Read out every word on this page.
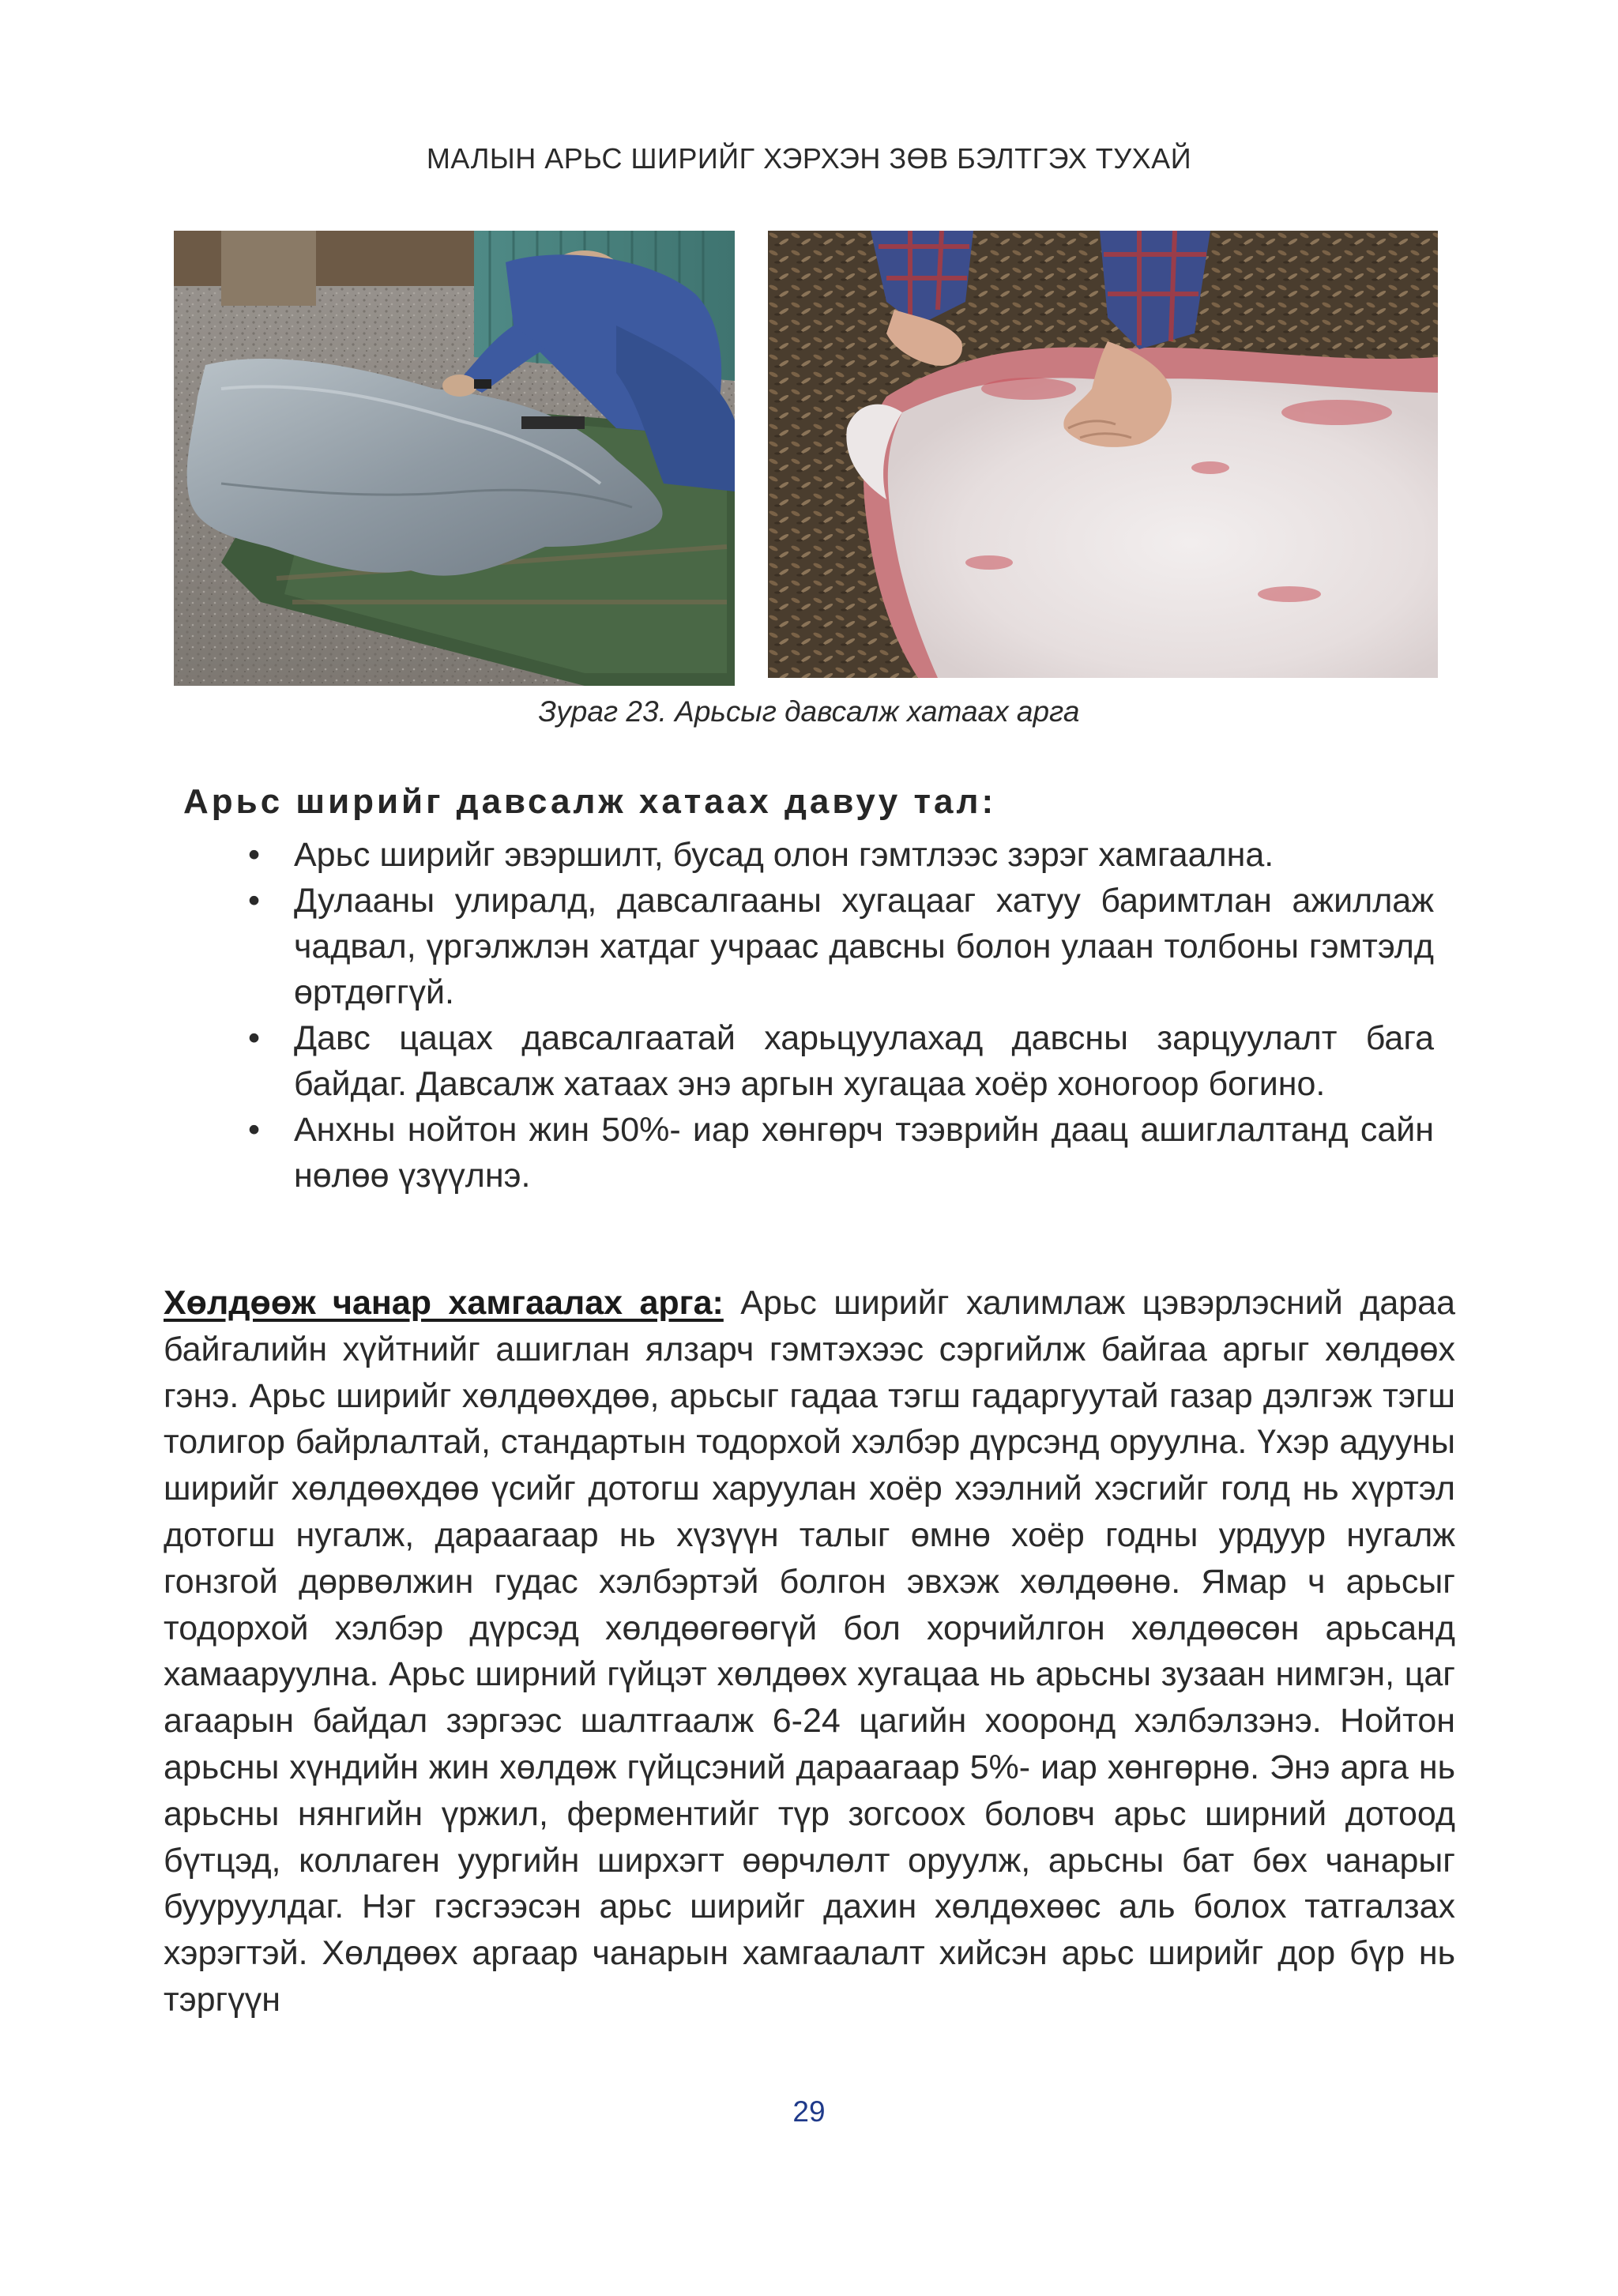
МАЛЫН АРЬС ШИРИЙГ ХЭРХЭН ЗӨВ БЭЛТГЭХ ТУХАЙ
Зураг 23. Арьсыг давсалж хатаах арга
Арьс ширийг давсалж хатаах давуу тал:
• Арьс ширийг эвэршилт, бусад олон гэмтлээс зэрэг хамгаална.
• Дулааны улиралд, давсалгааны хугацааг хатуу баримтлан ажиллаж чадвал, үргэлжлэн хатдаг учраас давсны болон улаан толбоны гэмтэлд өртдөггүй.
• Давс цацах давсалгаатай харьцуулахад давсны зарцуулалт бага байдаг. Давсалж хатаах энэ аргын хугацаа хоёр хоногоор богино.
• Анхны нойтон жин 50%- иар хөнгөрч тээврийн даац ашиглалтанд сайн нөлөө үзүүлнэ.

Хөлдөөж чанар хамгаалах арга: Арьс ширийг халимлаж цэвэрлэсний дараа байгалийн хүйтнийг ашиглан ялзарч гэмтэхээс сэргийлж байгаа аргыг хөлдөөх гэнэ. Арьс ширийг хөлдөөхдөө, арьсыг гадаа тэгш гадаргуутай газар дэлгэж тэгш толигор байрлалтай, стандартын тодорхой хэлбэр дүрсэнд оруулна. Үхэр адууны ширийг хөлдөөхдөө үсийг дотогш харуулан хоёр хээлний хэсгийг голд нь хүртэл дотогш нугалж, дараагаар нь хүзүүн талыг өмнө хоёр годны урдуур нугалж гонзгой дөрвөлжин гудас хэлбэртэй болгон эвхэж хөлдөөнө. Ямар ч арьсыг тодорхой хэлбэр дүрсэд хөлдөөгөөгүй бол хорчийлгон хөлдөөсөн арьсанд хамааруулна. Арьс ширний гүйцэт хөлдөөх хугацаа нь арьсны зузаан нимгэн, цаг агаарын байдал зэргээс шалтгаалж 6-24 цагийн хооронд хэлбэлзэнэ. Нойтон арьсны хүндийн жин хөлдөж гүйцсэний дараагаар 5%- иар хөнгөрнө. Энэ арга нь арьсны нянгийн үржил, ферментийг түр зогсоох боловч арьс ширний дотоод бүтцэд, коллаген уургийн ширхэгт өөрчлөлт оруулж, арьсны бат бөх чанарыг бууруулдаг. Нэг гэсгээсэн арьс ширийг дахин хөлдөхөөс аль болох татгалзах хэрэгтэй. Хөлдөөх аргаар чанарын хамгаалалт хийсэн арьс ширийг дор бүр нь тэргүүн

29
